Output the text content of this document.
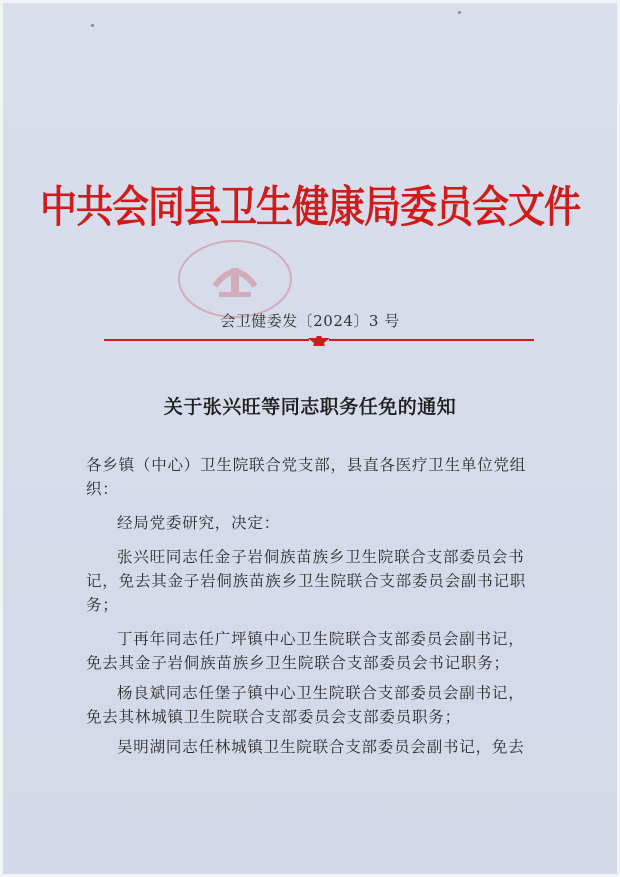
中共会同县卫生健康局委员会文件
会卫健委发〔2024〕3 号
关于张兴旺等同志职务任免的通知
各乡镇（中心）卫生院联合党支部，县直各医疗卫生单位党组
织：
经局党委研究，决定：
张兴旺同志任金子岩侗族苗族乡卫生院联合支部委员会书
记，免去其金子岩侗族苗族乡卫生院联合支部委员会副书记职
务；
丁再年同志任广坪镇中心卫生院联合支部委员会副书记，
免去其金子岩侗族苗族乡卫生院联合支部委员会书记职务；
杨良斌同志任堡子镇中心卫生院联合支部委员会副书记，
免去其林城镇卫生院联合支部委员会支部委员职务；
吴明湖同志任林城镇卫生院联合支部委员会副书记，免去
